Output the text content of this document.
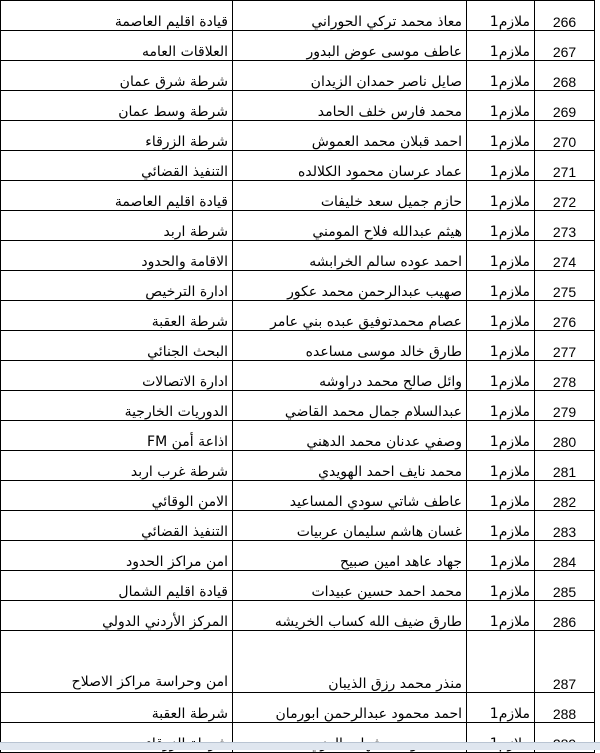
قيادة اقليم العاصمة	معاذ محمد تركي الحوراني	ملازم1	266
العلاقات العامه	عاطف موسى عوض البدور	ملازم1	267
شرطة شرق عمان	صايل ناصر حمدان الزيدان	ملازم1	268
شرطة وسط عمان	محمد فارس خلف الحامد	ملازم1	269
شرطة الزرقاء	احمد قبلان محمد العموش	ملازم1	270
التنفيذ القضائي	عماد عرسان محمود الكلالده	ملازم1	271
قيادة اقليم العاصمة	حازم جميل سعد خليفات	ملازم1	272
شرطة اربد	هيثم عبدالله فلاح المومني	ملازم1	273
الاقامة والحدود	احمد عوده سالم الخرابشه	ملازم1	274
ادارة الترخيص	صهيب عبدالرحمن محمد عكور	ملازم1	275
شرطة العقبة	عصام محمدتوفيق عبده بني عامر	ملازم1	276
البحث الجنائي	طارق خالد موسى مساعده	ملازم1	277
ادارة الاتصالات	وائل صالح محمد دراوشه	ملازم1	278
الدوريات الخارجية	عبدالسلام جمال محمد القاضي	ملازم1	279
اذاعة أمن FM	وصفي عدنان محمد الدهني	ملازم1	280
شرطة غرب اربد	محمد نايف احمد الهويدي	ملازم1	281
الامن الوقائي	عاطف شاتي سودي المساعيد	ملازم1	282
التنفيذ القضائي	غسان هاشم سليمان عربيات	ملازم1	283
امن مراكز الحدود	جهاد عاهد امين صبيح	ملازم1	284
قيادة اقليم الشمال	محمد احمد حسين عبيدات	ملازم1	285
المركز الأردني الدولي	طارق ضيف الله كساب الخريشه	ملازم1	286
امن وحراسة مراكز الاصلاح	منذر محمد رزق الذيبان		287
شرطة العقبة	احمد محمود عبدالرحمن ابورمان	ملازم1	288
